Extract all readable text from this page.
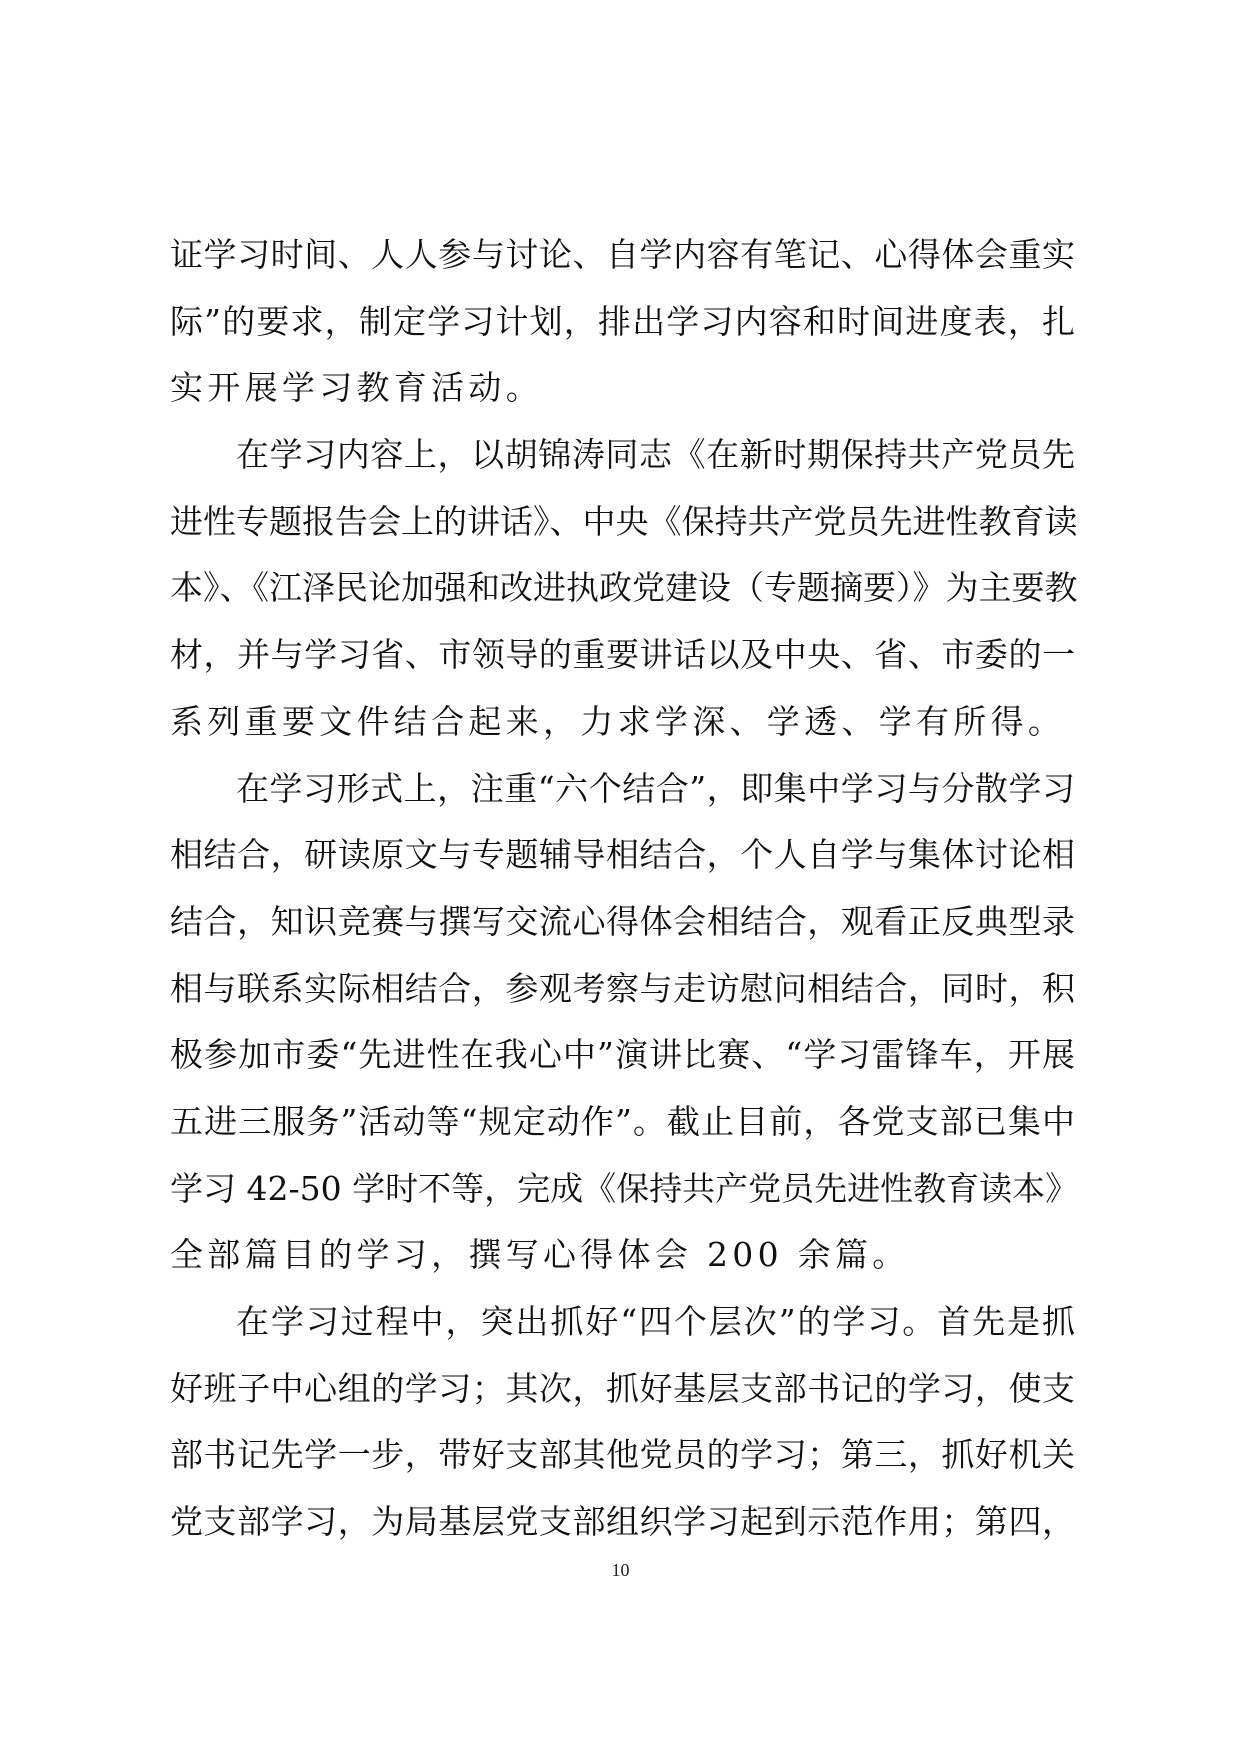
证学习时间、人人参与讨论、自学内容有笔记、心得体会重实
际”的要求，制定学习计划，排出学习内容和时间进度表，扎
实开展学习教育活动。
在学习内容上，以胡锦涛同志《在新时期保持共产党员先
进性专题报告会上的讲话》、中央《保持共产党员先进性教育读
本》、《江泽民论加强和改进执政党建设（专题摘要）》为主要教
材，并与学习省、市领导的重要讲话以及中央、省、市委的一
系列重要文件结合起来，力求学深、学透、学有所得。
在学习形式上，注重“六个结合”，即集中学习与分散学习
相结合，研读原文与专题辅导相结合，个人自学与集体讨论相
结合，知识竞赛与撰写交流心得体会相结合，观看正反典型录
相与联系实际相结合，参观考察与走访慰问相结合，同时，积
极参加市委“先进性在我心中”演讲比赛、“学习雷锋车，开展
五进三服务”活动等“规定动作”。截止目前，各党支部已集中
学习 42-50 学时不等，完成《保持共产党员先进性教育读本》
全部篇目的学习，撰写心得体会 200 余篇。
在学习过程中，突出抓好“四个层次”的学习。首先是抓
好班子中心组的学习；其次，抓好基层支部书记的学习，使支
部书记先学一步，带好支部其他党员的学习；第三，抓好机关
党支部学习，为局基层党支部组织学习起到示范作用；第四，
10
